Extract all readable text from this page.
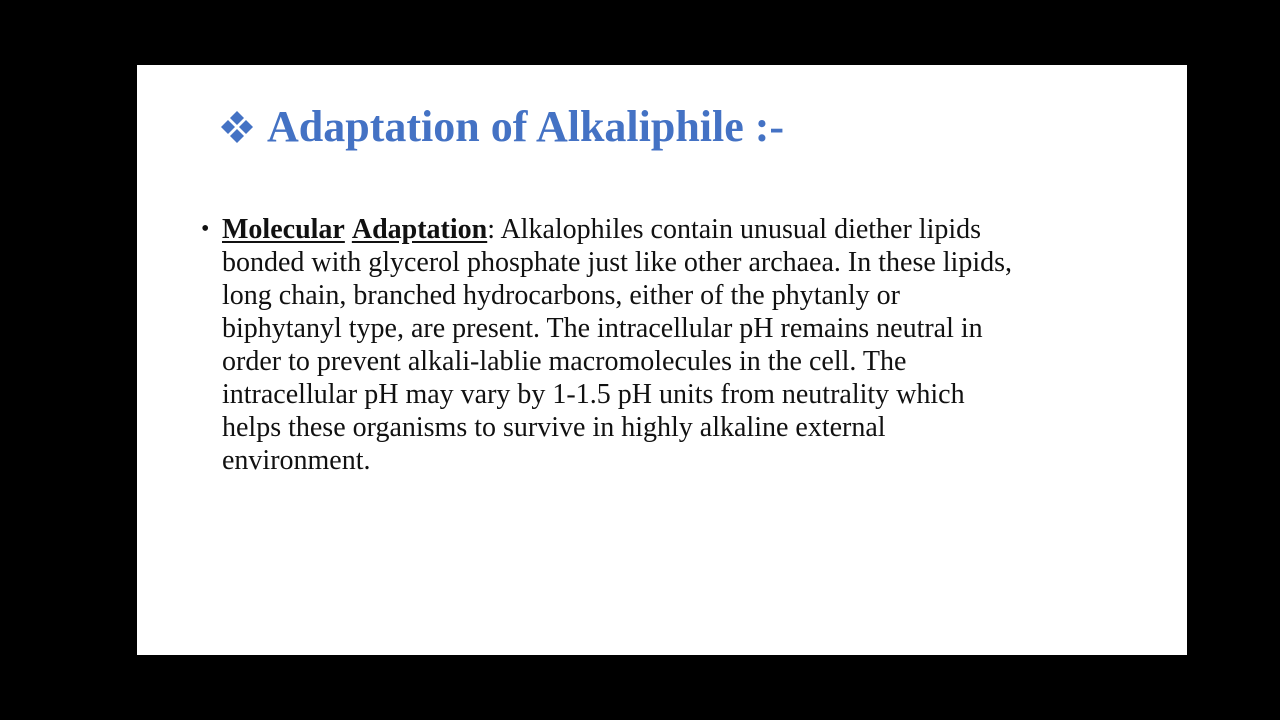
Adaptation of Alkaliphile :-
• Molecular Adaptation: Alkalophiles contain unusual diether lipids
bonded with glycerol phosphate just like other archaea. In these lipids,
long chain, branched hydrocarbons, either of the phytanly or
biphytanyl type, are present. The intracellular pH remains neutral in
order to prevent alkali-lablie macromolecules in the cell. The
intracellular pH may vary by 1-1.5 pH units from neutrality which
helps these organisms to survive in highly alkaline external
environment.
